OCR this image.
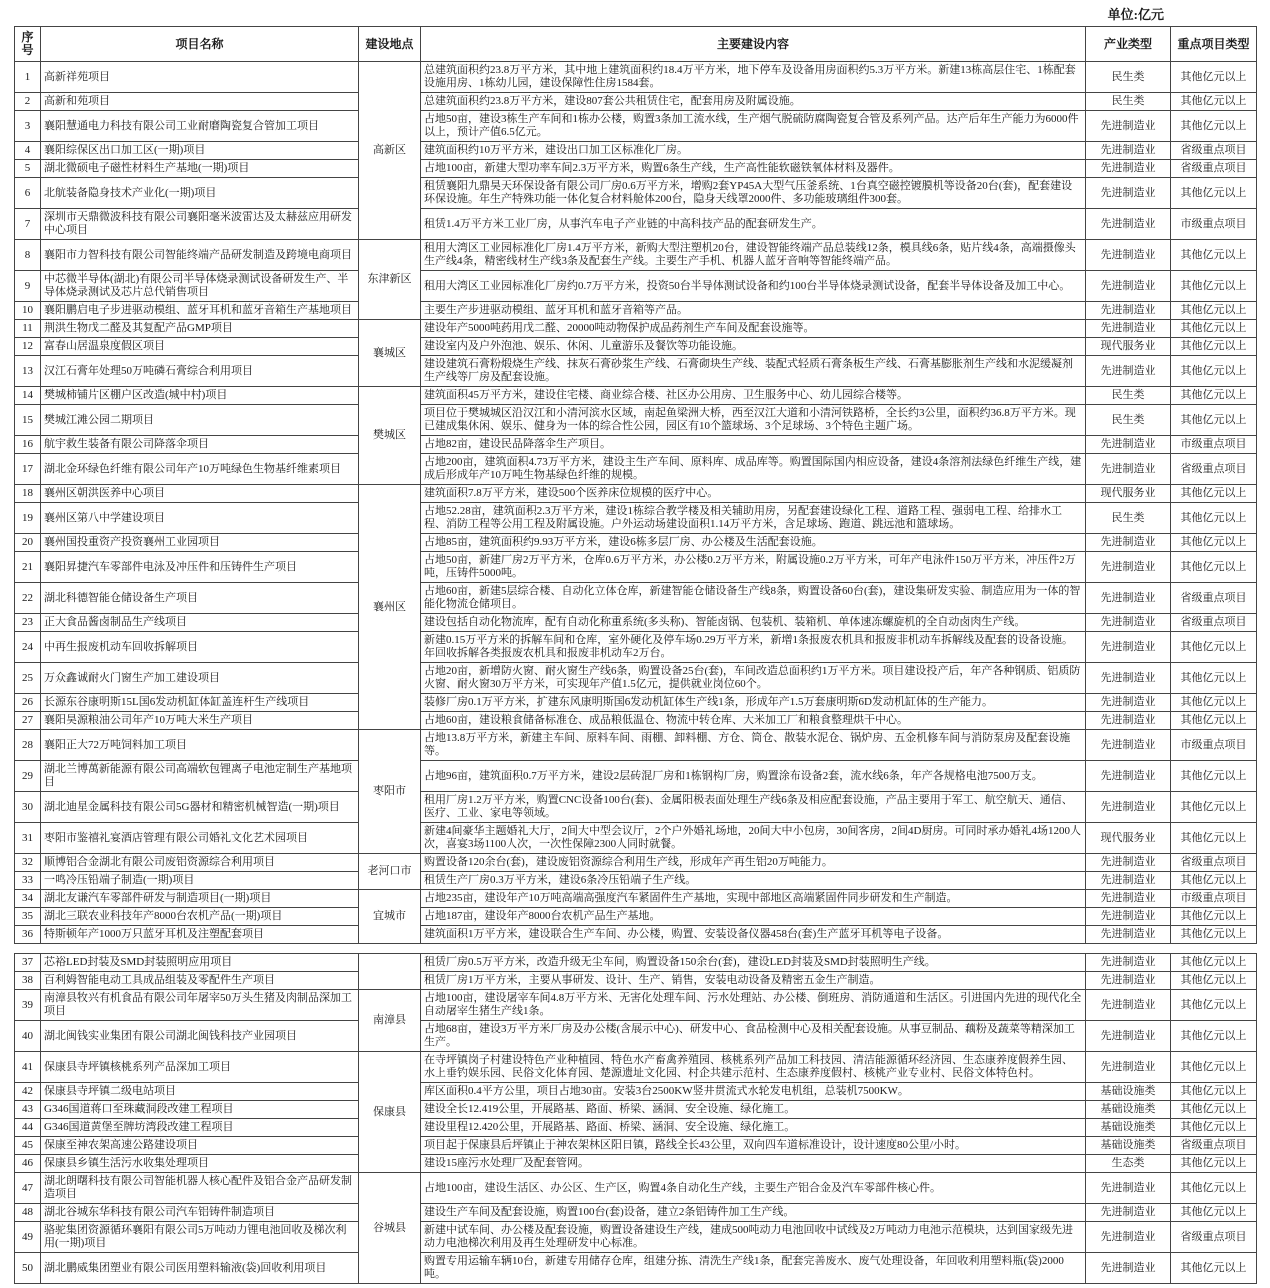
单位:亿元
序号	项目名称	建设地点	主要建设内容	产业类型	重点项目类型
1	高新祥苑项目	高新区	总建筑面积约23.8万平方米，其中地上建筑面积约18.4万平方米，地下停车及设备用房面积约5.3万平方米。新建13栋高层住宅、1栋配套设施用房、1栋幼儿园，建设保障性住房1584套。	民生类	其他亿元以上
2	高新和苑项目		总建筑面积约23.8万平方米，建设807套公共租赁住宅，配套用房及附属设施。	民生类	其他亿元以上
3	襄阳慧通电力科技有限公司工业耐磨陶瓷复合管加工项目		占地50亩，建设3栋生产车间和1栋办公楼，购置3条加工流水线，生产烟气脱硫防腐陶瓷复合管及系列产品。达产后年生产能力为6000件以上，预计产值6.5亿元。	先进制造业	其他亿元以上
4	襄阳综保区出口加工区(一期)项目		建筑面积约10万平方米，建设出口加工区标准化厂房。	先进制造业	省级重点项目
5	湖北微硕电子磁性材料生产基地(一期)项目		占地100亩，新建大型功率车间2.3万平方米，购置6条生产线，生产高性能软磁铁氧体材料及器件。	先进制造业	省级重点项目
6	北航装备隐身技术产业化(一期)项目		租赁襄阳九鼎昊天环保设备有限公司厂房0.6万平方米，增购2套YP45A大型气压釜系统、1台真空磁控镀膜机等设备20台(套)，配套建设环保设施。年生产特殊功能一体化复合材料舱体200台，隐身天线罩2000件、多功能玻璃组件300套。	先进制造业	其他亿元以上
7	深圳市天鼎微波科技有限公司襄阳毫米波雷达及太赫兹应用研发中心项目		租赁1.4万平方米工业厂房，从事汽车电子产业链的中高科技产品的配套研发生产。	先进制造业	市级重点项目
8	襄阳市力智科技有限公司智能终端产品研发制造及跨境电商项目	东津新区	租用大湾区工业园标准化厂房1.4万平方米，新购大型注塑机20台，建设智能终端产品总装线12条，模具线6条，贴片线4条，高端摄像头生产线4条，精密线材生产线3条及配套生产线。主要生产手机、机器人蓝牙音响等智能终端产品。	先进制造业	其他亿元以上
9	中芯微半导体(湖北)有限公司半导体烧录测试设备研发生产、半导体烧录测试及芯片总代销售项目		租用大湾区工业园标准化厂房约0.7万平方米，投资50台半导体测试设备和约100台半导体烧录测试设备，配套半导体设备及加工中心。	先进制造业	其他亿元以上
10	襄阳鹏启电子步进驱动模组、蓝牙耳机和蓝牙音箱生产基地项目		主要生产步进驱动模组、蓝牙耳机和蓝牙音箱等产品。	先进制造业	其他亿元以上
11	荆洪生物戊二醛及其复配产品GMP项目	襄城区	建设年产5000吨药用戊二醛、20000吨动物保护成品药剂生产车间及配套设施等。	先进制造业	其他亿元以上
12	富春山居温泉度假区项目		建设室内及户外泡池、娱乐、休闲、儿童游乐及餐饮等功能设施。	现代服务业	其他亿元以上
13	汉江石膏年处理50万吨磷石膏综合利用项目		建设建筑石膏粉煅烧生产线、抹灰石膏砂浆生产线、石膏砌块生产线、装配式轻质石膏条板生产线、石膏基膨胀剂生产线和水泥缓凝剂生产线等厂房及配套设施。	先进制造业	其他亿元以上
14	樊城柿铺片区棚户区改造(城中村)项目	樊城区	建筑面积45万平方米，建设住宅楼、商业综合楼、社区办公用房、卫生服务中心、幼儿园综合楼等。	民生类	其他亿元以上
15	樊城江滩公园二期项目		项目位于樊城城区沿汉江和小清河滨水区域，南起鱼梁洲大桥，西至汉江大道和小清河铁路桥，全长约3公里，面积约36.8万平方米。现已建成集休闲、娱乐、健身为一体的综合性公园，园区有10个篮球场、3个足球场、3个特色主题广场。	民生类	其他亿元以上
16	航宇救生装备有限公司降落伞项目		占地82亩，建设民品降落伞生产项目。	先进制造业	市级重点项目
17	湖北金环绿色纤维有限公司年产10万吨绿色生物基纤维素项目		占地200亩，建筑面积4.73万平方米，建设主生产车间、原料库、成品库等。购置国际国内相应设备，建设4条溶剂法绿色纤维生产线，建成后形成年产10万吨生物基绿色纤维的规模。	先进制造业	省级重点项目
18	襄州区朝洪医养中心项目	襄州区	建筑面积7.8万平方米，建设500个医养床位规模的医疗中心。	现代服务业	其他亿元以上
19	襄州区第八中学建设项目		占地52.28亩，建筑面积2.3万平方米，建设1栋综合教学楼及相关辅助用房，另配套建设绿化工程、道路工程、强弱电工程、给排水工程、消防工程等公用工程及附属设施。户外运动场建设面积1.14万平方米，含足球场、跑道、跳远池和篮球场。	民生类	其他亿元以上
20	襄州国投重资产投资襄州工业园项目		占地85亩，建筑面积约9.93万平方米，建设6栋多层厂房、办公楼及生活配套设施。	先进制造业	其他亿元以上
21	襄阳昇捷汽车零部件电泳及冲压件和压铸件生产项目		占地50亩，新建厂房2万平方米，仓库0.6万平方米，办公楼0.2万平方米，附属设施0.2万平方米，可年产电泳件150万平方米，冲压件2万吨，压铸件5000吨。	先进制造业	其他亿元以上
22	湖北科德智能仓储设备生产项目		占地60亩，新建5层综合楼、自动化立体仓库，新建智能仓储设备生产线8条，购置设备60台(套)，建设集研发实验、制造应用为一体的智能化物流仓储项目。	先进制造业	省级重点项目
23	正大食品酱卤制品生产线项目		建设包括自动化物流库，配有自动化称重系统(多头称)、智能卤锅、包装机、装箱机、单体速冻螺旋机的全自动卤肉生产线。	先进制造业	省级重点项目
24	中再生报废机动车回收拆解项目		新建0.15万平方米的拆解车间和仓库，室外硬化及停车场0.29万平方米，新增1条报废农机具和报废非机动车拆解线及配套的设备设施。年回收拆解各类报废农机具和报废非机动车2万台。	先进制造业	其他亿元以上
25	万众鑫诚耐火门窗生产加工建设项目		占地20亩，新增防火窗、耐火窗生产线6条，购置设备25台(套)，车间改造总面积约1万平方米。项目建设投产后，年产各种钢质、铝质防火窗、耐火窗30万平方米，可实现年产值1.5亿元，提供就业岗位60个。	先进制造业	其他亿元以上
26	长源东谷康明斯15L国6发动机缸体缸盖连杆生产线项目		装修厂房0.1万平方米，扩建东风康明斯国6发动机缸体生产线1条，形成年产1.5万套康明斯6D发动机缸体的生产能力。	先进制造业	其他亿元以上
27	襄阳昊源粮油公司年产10万吨大米生产项目		占地60亩，建设粮食储备标准仓、成品粮低温仓、物流中转仓库、大米加工厂和粮食整理烘干中心。	先进制造业	其他亿元以上
28	襄阳正大72万吨饲料加工项目	枣阳市	占地13.8万平方米，新建主车间、原料车间、雨棚、卸料棚、方仓、筒仓、散装水泥仓、锅炉房、五金机修车间与消防泵房及配套设施等。	先进制造业	市级重点项目
29	湖北兰博萬新能源有限公司高端软包锂离子电池定制生产基地项目		占地96亩，建筑面积0.7万平方米，建设2层砖混厂房和1栋钢构厂房，购置涂布设备2套，流水线6条，年产各规格电池7500万支。	先进制造业	其他亿元以上
30	湖北迪星金属科技有限公司5G器材和精密机械智造(一期)项目		租用厂房1.2万平方米，购置CNC设备100台(套)、金属阳极表面处理生产线6条及相应配套设施，产品主要用于军工、航空航天、通信、医疗、工业、家电等领域。	先进制造业	其他亿元以上
31	枣阳市鉴禧礼宴酒店管理有限公司婚礼文化艺术园项目		新建4间豪华主题婚礼大厅，2间大中型会议厅，2个户外婚礼场地，20间大中小包房，30间客房，2间4D厨房。可同时承办婚礼4场1200人次，喜宴3场1100人次，一次性保障2300人同时就餐。	现代服务业	其他亿元以上
32	顺博铝合金湖北有限公司废铝资源综合利用项目	老河口市	购置设备120余台(套)，建设废铝资源综合利用生产线，形成年产再生铝20万吨能力。	先进制造业	省级重点项目
33	一鸣冷压铅端子制造(一期)项目		租赁生产厂房0.3万平方米，建设6条冷压铅端子生产线。	先进制造业	其他亿元以上
34	湖北友谦汽车零部件研发与制造项目(一期)项目	宜城市	占地235亩，建设年产10万吨高端高强度汽车紧固件生产基地，实现中部地区高端紧固件同步研发和生产制造。	先进制造业	市级重点项目
35	湖北三联农业科技年产8000台农机产品(一期)项目		占地187亩，建设年产8000台农机产品生产基地。	先进制造业	其他亿元以上
36	特斯顿年产1000万只蓝牙耳机及注塑配套项目		建筑面积1万平方米，建设联合生产车间、办公楼，购置、安装设备仪器458台(套)生产蓝牙耳机等电子设备。	先进制造业	其他亿元以上
37	芯裕LED封装及SMD封装照明应用项目		租赁厂房0.5万平方米，改造升级无尘车间，购置设备150余台(套)，建设LED封装及SMD封装照明生产线。	先进制造业	其他亿元以上
38	百利姆智能电动工具成品组装及零配件生产项目		租赁厂房1万平方米，主要从事研发、设计、生产、销售，安装电动设备及精密五金生产制造。	先进制造业	其他亿元以上
39	南漳县牧兴有机食品有限公司年屠宰50万头生猪及肉制品深加工项目	南漳县	占地100亩，建设屠宰车间4.8万平方米、无害化处理车间、污水处理站、办公楼、倒班房、消防通道和生活区。引进国内先进的现代化全自动屠宰生猪生产线1条。	先进制造业	其他亿元以上
40	湖北闽钱实业集团有限公司湖北闽钱科技产业园项目		占地68亩，建设3万平方米厂房及办公楼(含展示中心)、研发中心、食品检测中心及相关配套设施。从事豆制品、藕粉及蔬菜等精深加工生产。	先进制造业	其他亿元以上
41	保康县寺坪镇核桃系列产品深加工项目	保康县	在寺坪镇岗子村建设特色产业种植园、特色水产畜禽养殖园、核桃系列产品加工科技园、清洁能源循环经济园、生态康养度假养生园、水上垂钓娱乐园、民俗文化体育园、楚源遗址文化园、村企共建示范村、生态康养度假村、核桃产业专业村、民俗文体特色村。	先进制造业	其他亿元以上
42	保康县寺坪镇二级电站项目		库区面积0.4平方公里，项目占地30亩。安装3台2500KW竖井贯流式水轮发电机组，总装机7500KW。	基础设施类	其他亿元以上
43	G346国道蒋口至珠藏洞段改建工程项目		建设全长12.419公里，开展路基、路面、桥梁、涵洞、安全设施、绿化施工。	基础设施类	其他亿元以上
44	G346国道黄堡至牌坊湾段改建工程项目		建设里程12.420公里，开展路基、路面、桥梁、涵洞、安全设施、绿化施工。	基础设施类	其他亿元以上
45	保康至神农架高速公路建设项目		项目起于保康县后坪镇止于神农架林区阳日镇，路线全长43公里，双向四车道标准设计，设计速度80公里/小时。	基础设施类	省级重点项目
46	保康县乡镇生活污水收集处理项目		建设15座污水处理厂及配套管网。	生态类	其他亿元以上
47	湖北朗曙科技有限公司智能机器人核心配件及铝合金产品研发制造项目	谷城县	占地100亩，建设生活区、办公区、生产区，购置4条自动化生产线，主要生产铝合金及汽车零部件核心件。	先进制造业	其他亿元以上
48	湖北谷城东华科技有限公司汽车铝铸件制造项目		建设生产车间及配套设施，购置100台(套)设备，建立2条铝铸件加工生产线。	先进制造业	其他亿元以上
49	骆驼集团资源循环襄阳有限公司5万吨动力锂电池回收及梯次利用(一期)项目		新建中试车间、办公楼及配套设施，购置设备建设生产线，建成500吨动力电池回收中试线及2万吨动力电池示范模块，达到国家级先进动力电池梯次利用及再生处理研发中心标准。	先进制造业	省级重点项目
50	湖北鹏威集团塑业有限公司医用塑料输液(袋)回收利用项目		购置专用运输车辆10台，新建专用储存仓库，组建分拣、清洗生产线1条，配套完善废水、废气处理设备，年回收利用塑料瓶(袋)2000吨。	先进制造业	其他亿元以上
